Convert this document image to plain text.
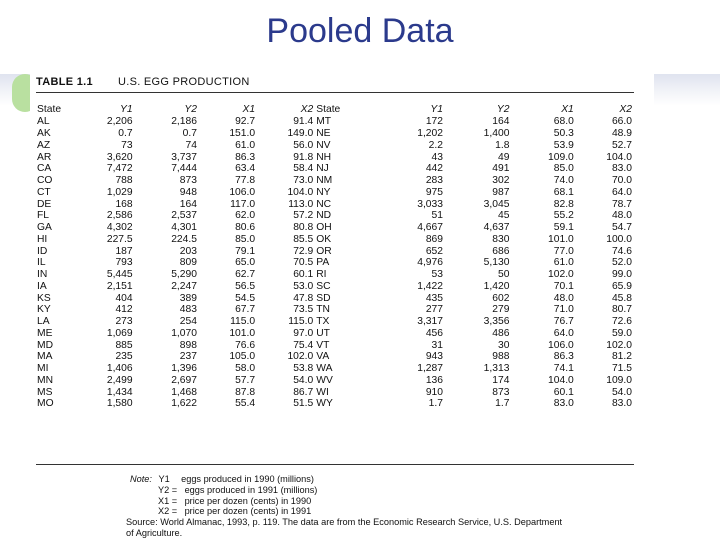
Pooled Data
TABLE 1.1 U.S. EGG PRODUCTION
State	Y1	Y2	X1	X2	State	Y1	Y2	X1	X2
AL	2,206	2,186	92.7	91.4	MT	172	164	68.0	66.0
AK	0.7	0.7	151.0	149.0	NE	1,202	1,400	50.3	48.9
AZ	73	74	61.0	56.0	NV	2.2	1.8	53.9	52.7
AR	3,620	3,737	86.3	91.8	NH	43	49	109.0	104.0
CA	7,472	7,444	63.4	58.4	NJ	442	491	85.0	83.0
CO	788	873	77.8	73.0	NM	283	302	74.0	70.0
CT	1,029	948	106.0	104.0	NY	975	987	68.1	64.0
DE	168	164	117.0	113.0	NC	3,033	3,045	82.8	78.7
FL	2,586	2,537	62.0	57.2	ND	51	45	55.2	48.0
GA	4,302	4,301	80.6	80.8	OH	4,667	4,637	59.1	54.7
HI	227.5	224.5	85.0	85.5	OK	869	830	101.0	100.0
ID	187	203	79.1	72.9	OR	652	686	77.0	74.6
IL	793	809	65.0	70.5	PA	4,976	5,130	61.0	52.0
IN	5,445	5,290	62.7	60.1	RI	53	50	102.0	99.0
IA	2,151	2,247	56.5	53.0	SC	1,422	1,420	70.1	65.9
KS	404	389	54.5	47.8	SD	435	602	48.0	45.8
KY	412	483	67.7	73.5	TN	277	279	71.0	80.7
LA	273	254	115.0	115.0	TX	3,317	3,356	76.7	72.6
ME	1,069	1,070	101.0	97.0	UT	456	486	64.0	59.0
MD	885	898	76.6	75.4	VT	31	30	106.0	102.0
MA	235	237	105.0	102.0	VA	943	988	86.3	81.2
MI	1,406	1,396	58.0	53.8	WA	1,287	1,313	74.1	71.5
MN	2,499	2,697	57.7	54.0	WV	136	174	104.0	109.0
MS	1,434	1,468	87.8	86.7	WI	910	873	60.1	54.0
MO	1,580	1,622	55.4	51.5	WY	1.7	1.7	83.0	83.0
Note: Y1 eggs produced in 1990 (millions)
Y2 = eggs produced in 1991 (millions)
X1 = price per dozen (cents) in 1990
X2 = price per dozen (cents) in 1991
Source: World Almanac, 1993, p. 119. The data are from the Economic Research Service, U.S. Department
of Agriculture.
